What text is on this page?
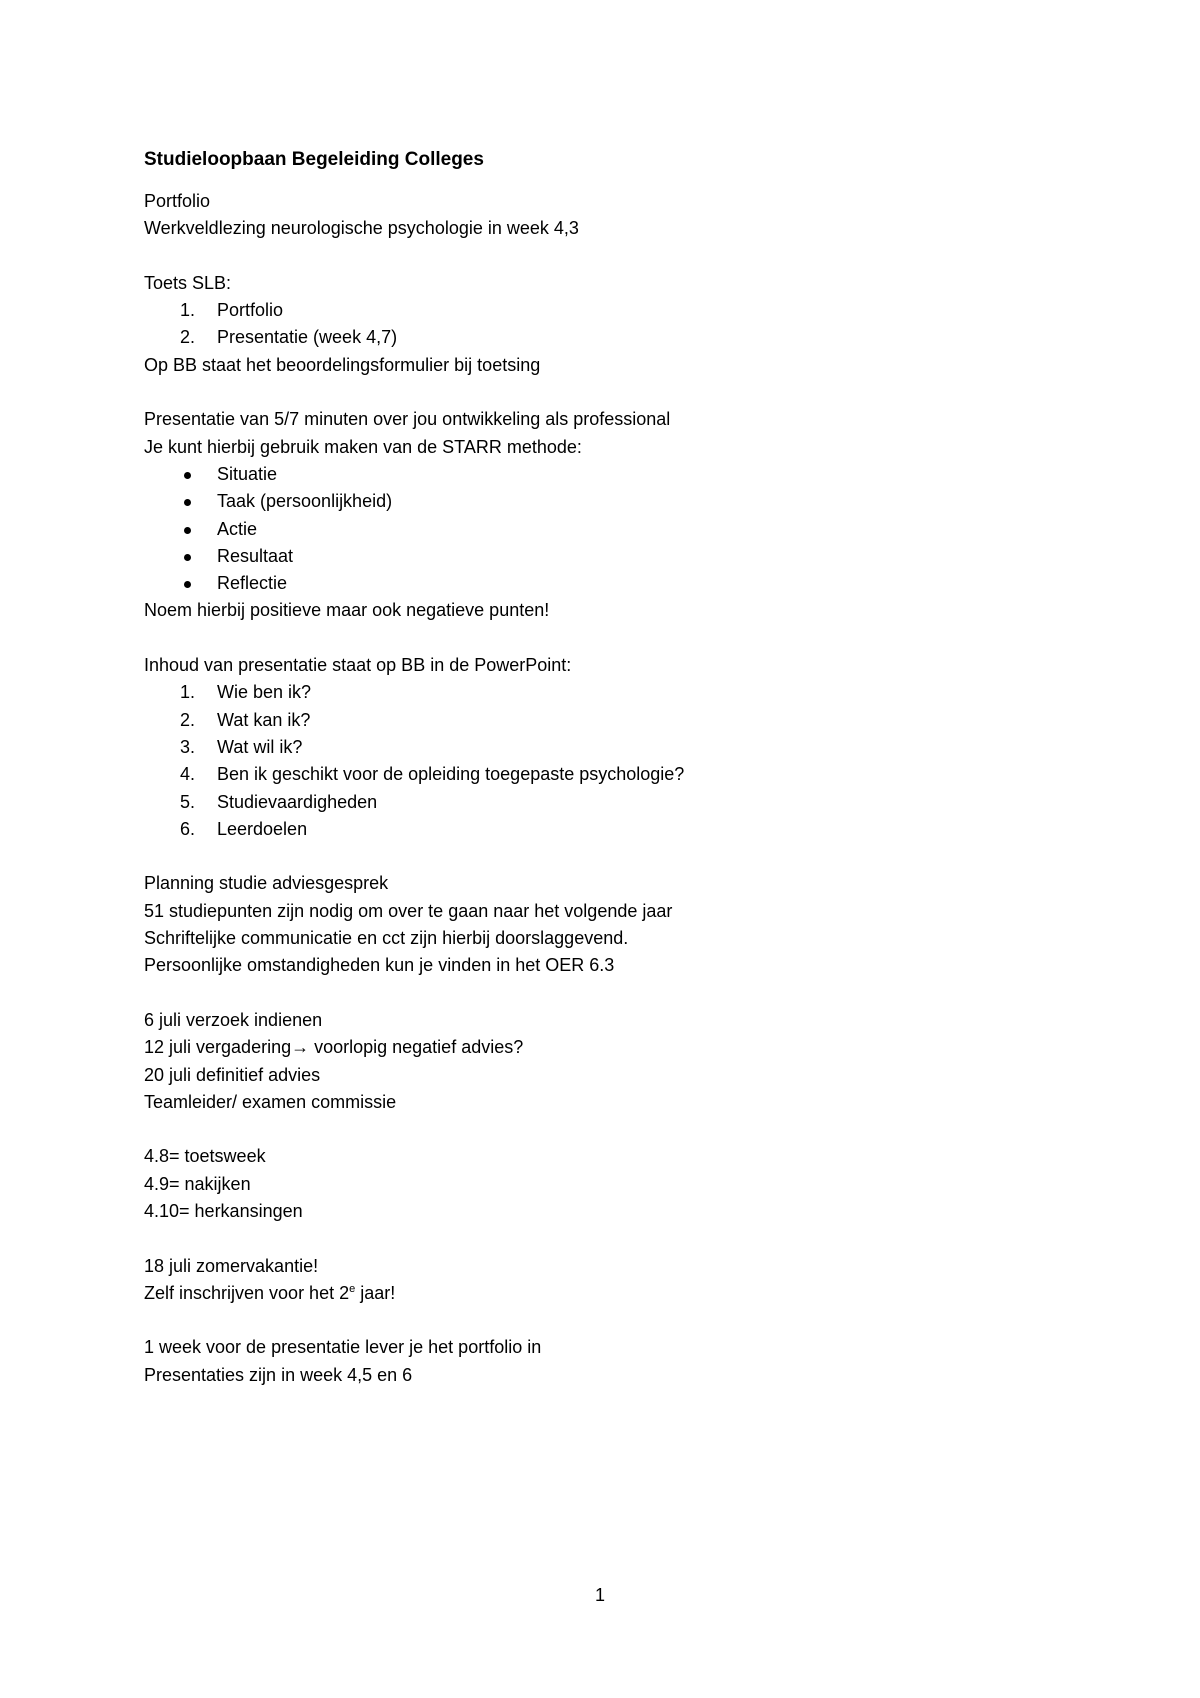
Studieloopbaan Begeleiding Colleges

Portfolio

Werkveldlezing neurologische psychologie in week 4,3

Toets SLB:

1. Portfolio
2. Presentatie (week 4,7)

Op BB staat het beoordelingsformulier bij toetsing

Presentatie van 5/7 minuten over jou ontwikkeling als professional

Je kunt hierbij gebruik maken van de STARR methode:

Situatie
Taak (persoonlijkheid)
Actie
Resultaat
Reflectie

Noem hierbij positieve maar ook negatieve punten!

Inhoud van presentatie staat op BB in de PowerPoint:

1. Wie ben ik?
2. Wat kan ik?
3. Wat wil ik?
4. Ben ik geschikt voor de opleiding toegepaste psychologie?
5. Studievaardigheden
6. Leerdoelen

Planning studie adviesgesprek

51 studiepunten zijn nodig om over te gaan naar het volgende jaar

Schriftelijke communicatie en cct zijn hierbij doorslaggevend.

Persoonlijke omstandigheden kun je vinden in het OER 6.3

6 juli verzoek indienen

12 juli vergadering→ voorlopig negatief advies?

20 juli definitief advies

Teamleider/ examen commissie

4.8= toetsweek

4.9= nakijken

4.10= herkansingen

18 juli zomervakantie!

Zelf inschrijven voor het 2e jaar!

1 week voor de presentatie lever je het portfolio in

Presentaties zijn in week 4,5 en 6

1
